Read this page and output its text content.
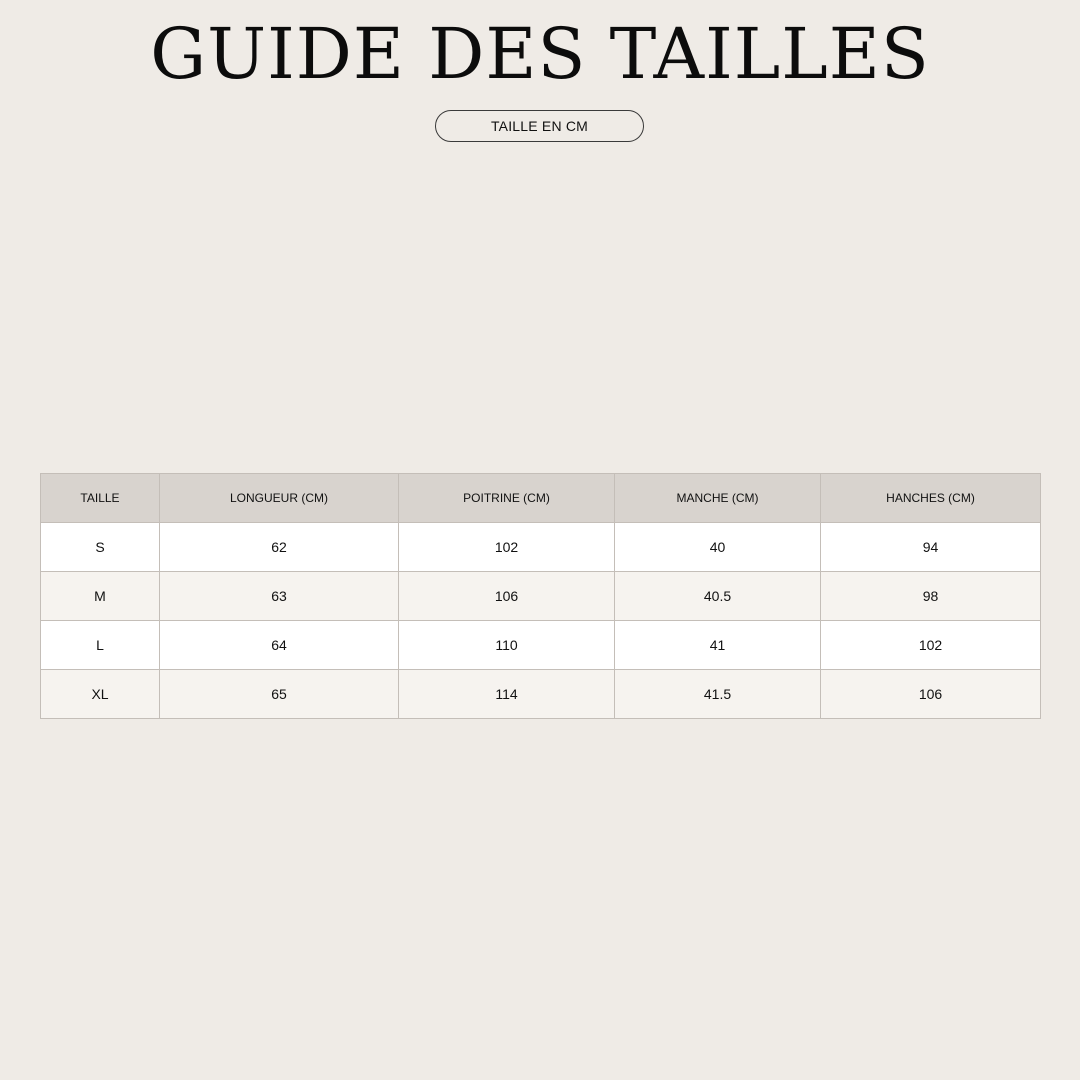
GUIDE DES TAILLES
TAILLE EN CM
TAILLE	LONGUEUR (CM)	POITRINE (CM)	MANCHE (CM)	HANCHES (CM)
S	62	102	40	94
M	63	106	40.5	98
L	64	110	41	102
XL	65	114	41.5	106
